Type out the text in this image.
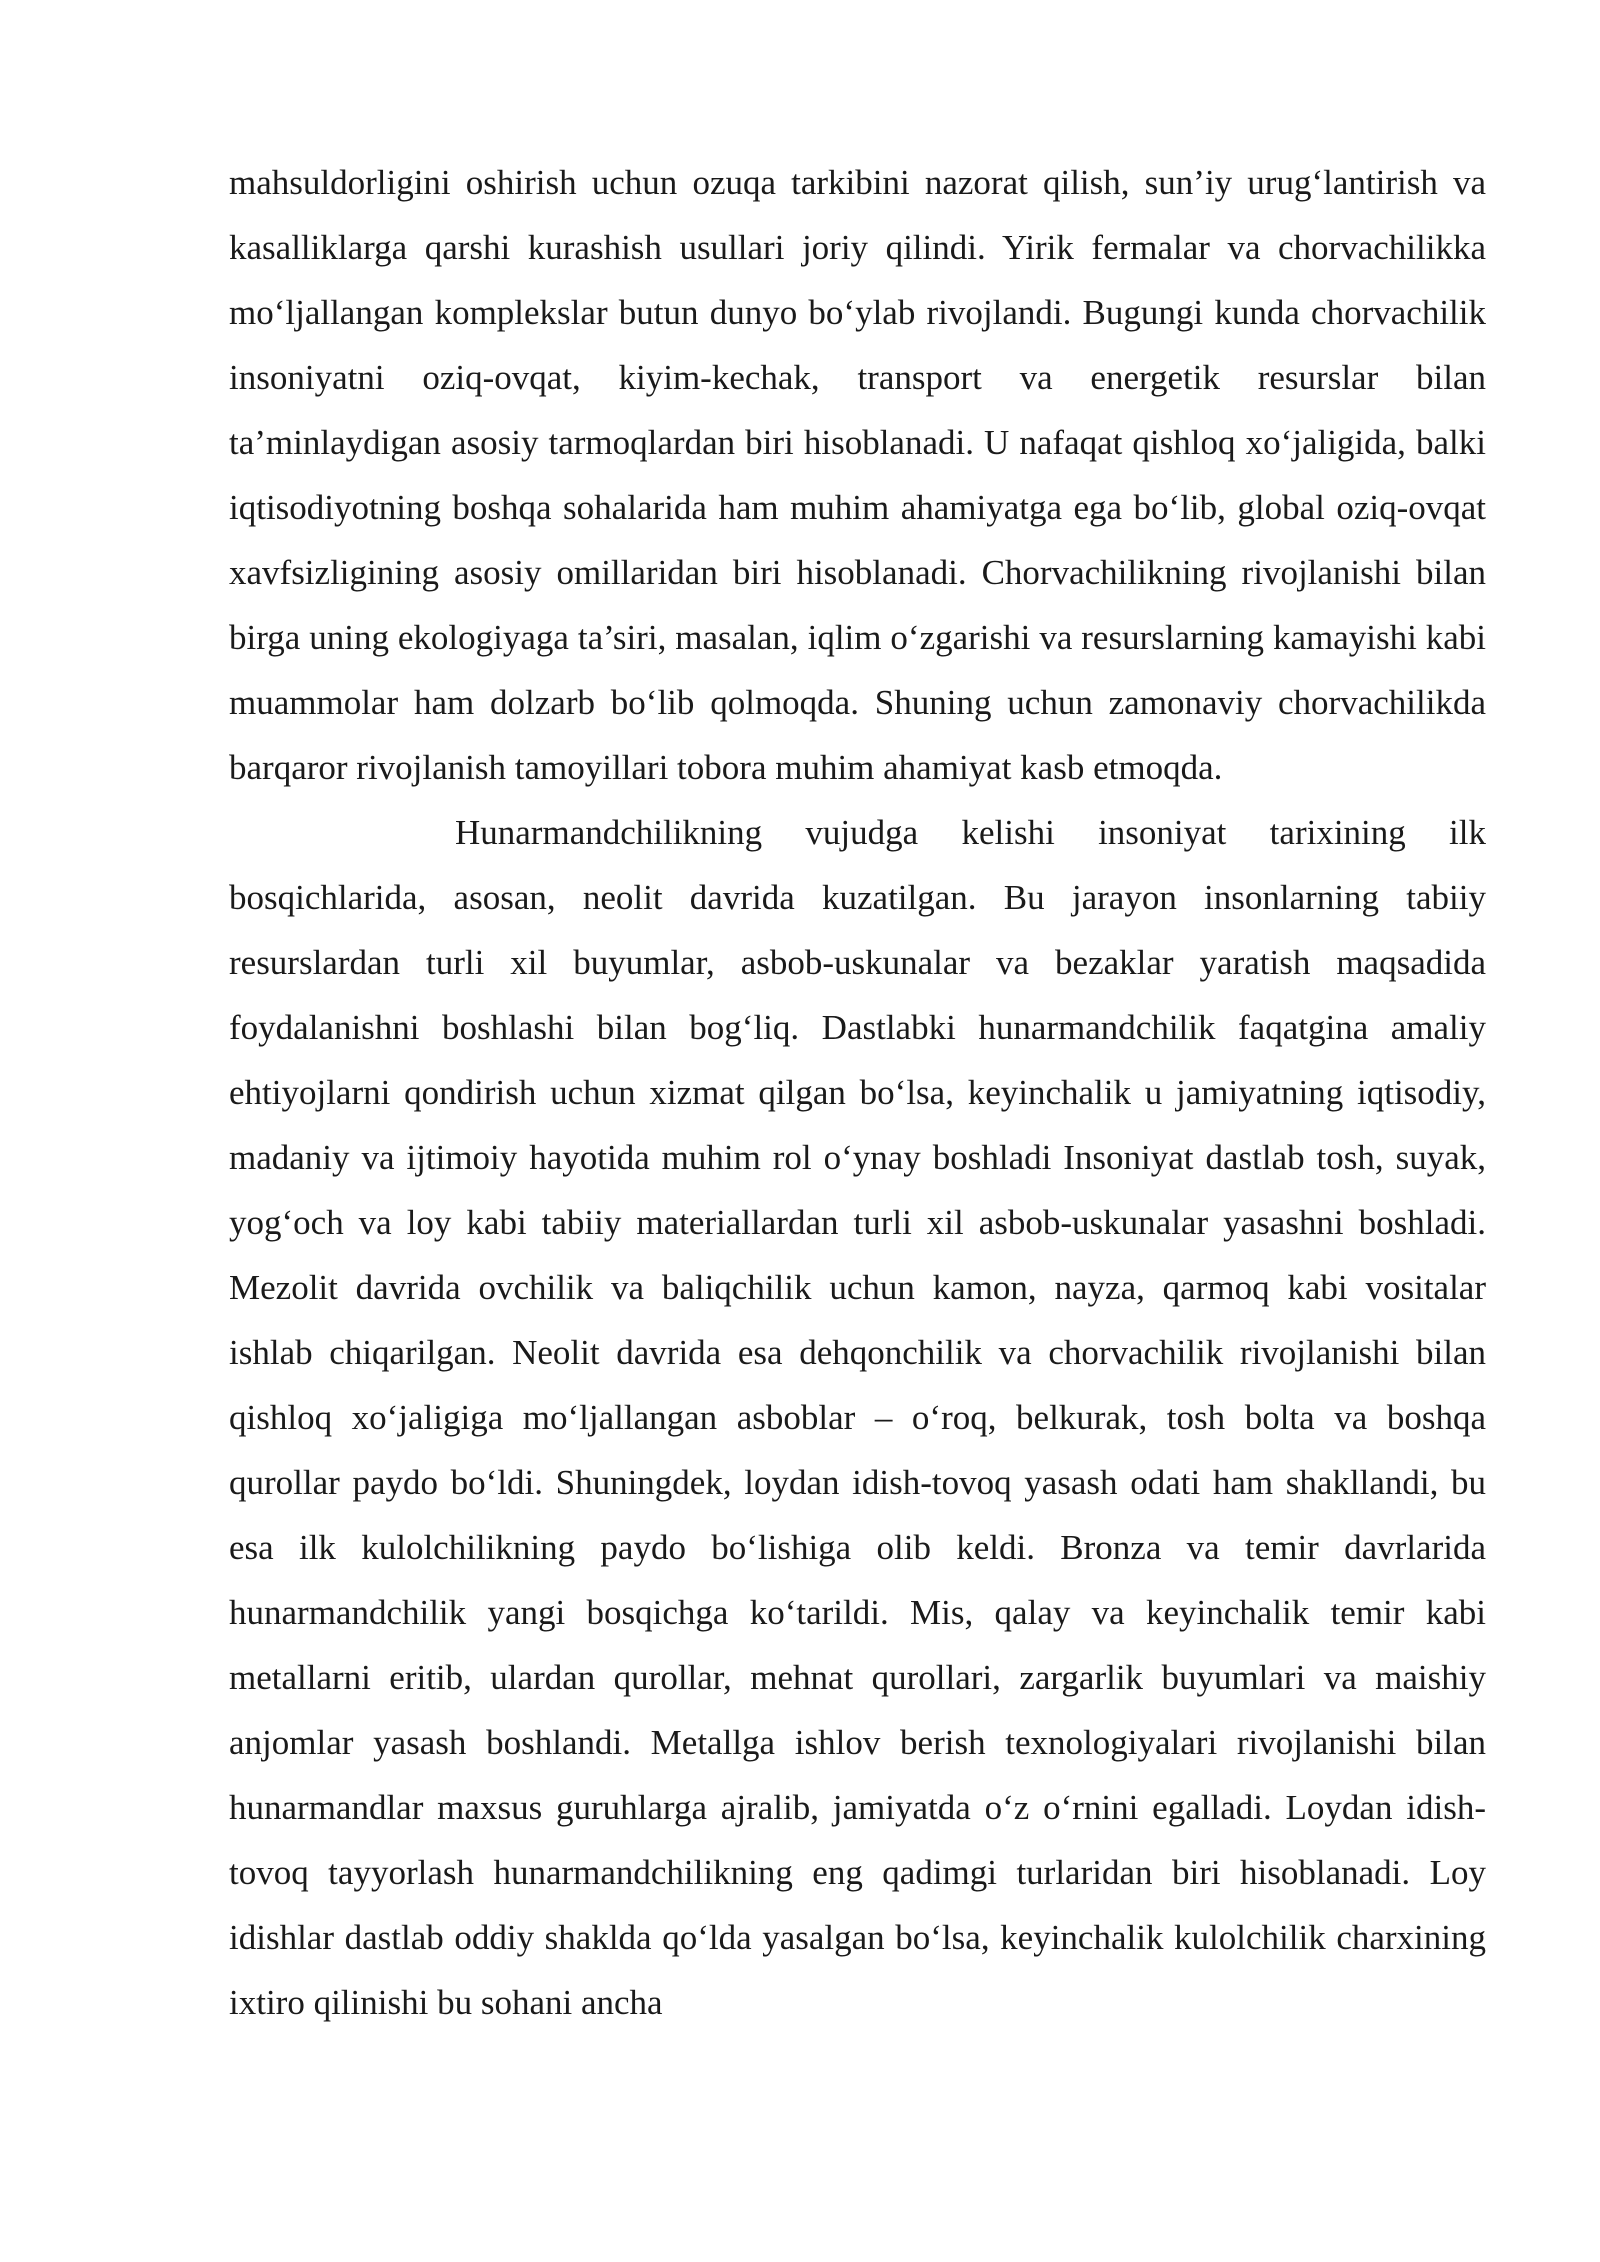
mahsuldorligini oshirish uchun ozuqa tarkibini nazorat qilish, sun’iy urug‘lantirish va kasalliklarga qarshi kurashish usullari joriy qilindi. Yirik fermalar va chorvachilikka mo‘ljallangan komplekslar butun dunyo bo‘ylab rivojlandi. Bugungi kunda chorvachilik insoniyatni oziq-ovqat, kiyim-kechak, transport va energetik resurslar bilan ta’minlaydigan asosiy tarmoqlardan biri hisoblanadi. U nafaqat qishloq xo‘jaligida, balki iqtisodiyotning boshqa sohalarida ham muhim ahamiyatga ega bo‘lib, global oziq-ovqat xavfsizligining asosiy omillaridan biri hisoblanadi. Chorvachilikning rivojlanishi bilan birga uning ekologiyaga ta’siri, masalan, iqlim o‘zgarishi va resurslarning kamayishi kabi muammolar ham dolzarb bo‘lib qolmoqda. Shuning uchun zamonaviy chorvachilikda barqaror rivojlanish tamoyillari tobora muhim ahamiyat kasb etmoqda.

Hunarmandchilikning vujudga kelishi insoniyat tarixining ilk bosqichlarida, asosan, neolit davrida kuzatilgan. Bu jarayon insonlarning tabiiy resurslardan turli xil buyumlar, asbob-uskunalar va bezaklar yaratish maqsadida foydalanishni boshlashi bilan bog‘liq. Dastlabki hunarmandchilik faqatgina amaliy ehtiyojlarni qondirish uchun xizmat qilgan bo‘lsa, keyinchalik u jamiyatning iqtisodiy, madaniy va ijtimoiy hayotida muhim rol o‘ynay boshladi Insoniyat dastlab tosh, suyak, yog‘och va loy kabi tabiiy materiallardan turli xil asbob-uskunalar yasashni boshladi. Mezolit davrida ovchilik va baliqchilik uchun kamon, nayza, qarmoq kabi vositalar ishlab chiqarilgan. Neolit davrida esa dehqonchilik va chorvachilik rivojlanishi bilan qishloq xo‘jaligiga mo‘ljallangan asboblar – o‘roq, belkurak, tosh bolta va boshqa qurollar paydo bo‘ldi. Shuningdek, loydan idish-tovoq yasash odati ham shakllandi, bu esa ilk kulolchilikning paydo bo‘lishiga olib keldi. Bronza va temir davrlarida hunarmandchilik yangi bosqichga ko‘tarildi. Mis, qalay va keyinchalik temir kabi metallarni eritib, ulardan qurollar, mehnat qurollari, zargarlik buyumlari va maishiy anjomlar yasash boshlandi. Metallga ishlov berish texnologiyalari rivojlanishi bilan hunarmandlar maxsus guruhlarga ajralib, jamiyatda o‘z o‘rnini egalladi. Loydan idish-tovoq tayyorlash hunarmandchilikning eng qadimgi turlaridan biri hisoblanadi. Loy idishlar dastlab oddiy shaklda qo‘lda yasalgan bo‘lsa, keyinchalik kulolchilik charxining ixtiro qilinishi bu sohani ancha
